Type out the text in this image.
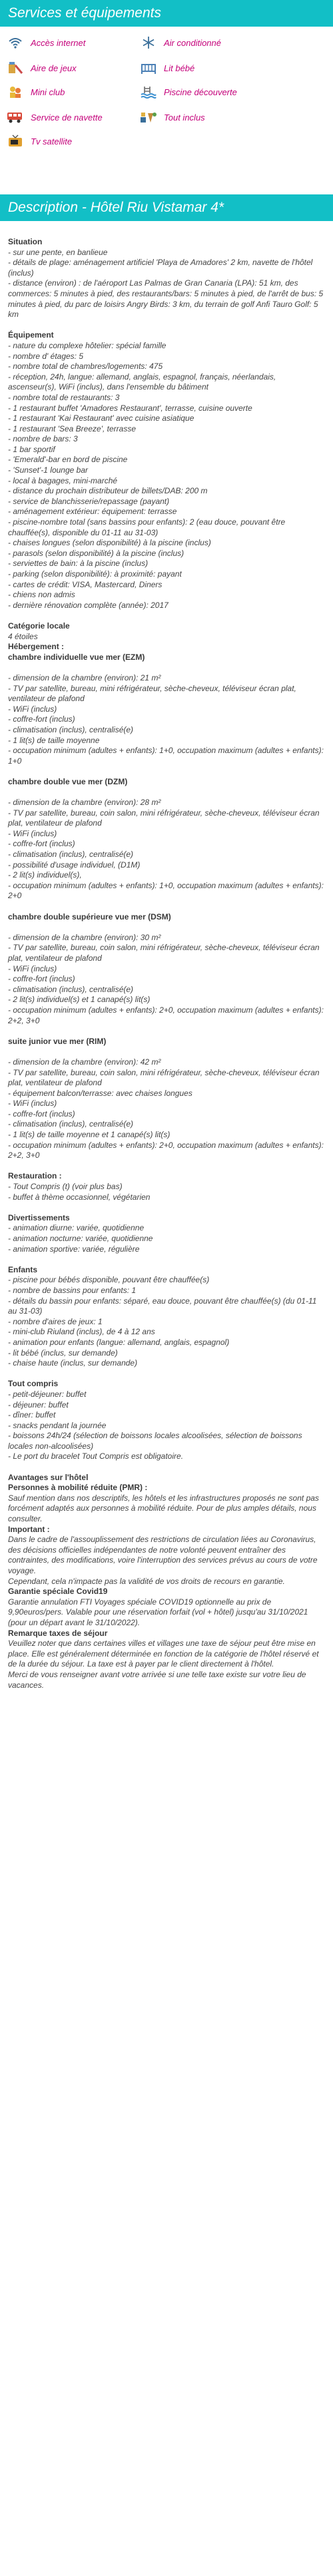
Services et équipements
Accès internet	Air conditionné
Aire de jeux	Lit bébé
Mini club	Piscine découverte
Service de navette	Tout inclus
Tv satellite
Description - Hôtel Riu Vistamar 4*

Situation

- sur une pente, en banlieue

- détails de plage: aménagement artificiel 'Playa de Amadores' 2 km, navette de l'hôtel (inclus)

- distance (environ) : de l'aéroport Las Palmas de Gran Canaria (LPA): 51 km, des commerces: 5 minutes à pied, des restaurants/bars: 5 minutes à pied, de l'arrêt de bus: 5 minutes à pied, du parc de loisirs Angry Birds: 3 km, du terrain de golf Anfi Tauro Golf: 5 km

Équipement

- nature du complexe hôtelier: spécial famille

- nombre d' étages: 5

- nombre total de chambres/logements: 475

- réception, 24h, langue: allemand, anglais, espagnol, français, néerlandais, ascenseur(s), WiFi (inclus), dans l'ensemble du bâtiment

- nombre total de restaurants: 3

- 1 restaurant buffet 'Amadores Restaurant', terrasse, cuisine ouverte

- 1 restaurant 'Kai Restaurant' avec cuisine asiatique

- 1 restaurant 'Sea Breeze', terrasse

- nombre de bars: 3

- 1 bar sportif

- 'Emerald'-bar en bord de piscine

- 'Sunset'-1 lounge bar

- local à bagages, mini-marché

- distance du prochain distributeur de billets/DAB: 200 m

- service de blanchisserie/repassage (payant)

- aménagement extérieur: équipement: terrasse

- piscine-nombre total (sans bassins pour enfants): 2 (eau douce, pouvant être chauffée(s), disponible du 01-11 au 31-03)

- chaises longues (selon disponibilité) à la piscine (inclus)

- parasols (selon disponibilité) à la piscine (inclus)

- serviettes de bain: à la piscine (inclus)

- parking (selon disponibilité): à proximité: payant

- cartes de crédit: VISA, Mastercard, Diners

- chiens non admis

- dernière rénovation complète (année): 2017

Catégorie locale

4 étoiles

Hébergement :

chambre individuelle vue mer (EZM)

- dimension de la chambre (environ): 21 m²

- TV par satellite, bureau, mini réfrigérateur, sèche-cheveux, téléviseur écran plat, ventilateur de plafond

- WiFi (inclus)

- coffre-fort (inclus)

- climatisation (inclus), centralisé(e)

- 1 lit(s) de taille moyenne

- occupation minimum (adultes + enfants): 1+0, occupation maximum (adultes + enfants): 1+0

chambre double vue mer (DZM)

- dimension de la chambre (environ): 28 m²

- TV par satellite, bureau, coin salon, mini réfrigérateur, sèche-cheveux, téléviseur écran plat, ventilateur de plafond

- WiFi (inclus)

- coffre-fort (inclus)

- climatisation (inclus), centralisé(e)

- possibilité d'usage individuel, (D1M)

- 2 lit(s) individuel(s),

- occupation minimum (adultes + enfants): 1+0, occupation maximum (adultes + enfants): 2+0

chambre double supérieure vue mer (DSM)

- dimension de la chambre (environ): 30 m²

- TV par satellite, bureau, coin salon, mini réfrigérateur, sèche-cheveux, téléviseur écran plat, ventilateur de plafond

- WiFi (inclus)

- coffre-fort (inclus)

- climatisation (inclus), centralisé(e)

- 2 lit(s) individuel(s) et 1 canapé(s) lit(s)

- occupation minimum (adultes + enfants): 2+0, occupation maximum (adultes + enfants): 2+2, 3+0

suite junior vue mer (RIM)

- dimension de la chambre (environ): 42 m²

- TV par satellite, bureau, coin salon, mini réfrigérateur, sèche-cheveux, téléviseur écran plat, ventilateur de plafond

- équipement balcon/terrasse: avec chaises longues

- WiFi (inclus)

- coffre-fort (inclus)

- climatisation (inclus), centralisé(e)

- 1 lit(s) de taille moyenne et 1 canapé(s) lit(s)

- occupation minimum (adultes + enfants): 2+0, occupation maximum (adultes + enfants): 2+2, 3+0

Restauration :

- Tout Compris (t) (voir plus bas)

- buffet à thème occasionnel, végétarien

Divertissements

- animation diurne: variée, quotidienne

- animation nocturne: variée, quotidienne

- animation sportive: variée, régulière

Enfants

- piscine pour bébés disponible, pouvant être chauffée(s)

- nombre de bassins pour enfants: 1

- détails du bassin pour enfants: séparé, eau douce, pouvant être chauffée(s) (du 01-11 au 31-03)

- nombre d'aires de jeux: 1

- mini-club Riuland (inclus), de 4 à 12 ans

- animation pour enfants (langue: allemand, anglais, espagnol)

- lit bébé (inclus, sur demande)

- chaise haute (inclus, sur demande)

Tout compris

- petit-déjeuner: buffet

- déjeuner: buffet

- dîner: buffet

- snacks pendant la journée

- boissons 24h/24 (sélection de boissons locales alcoolisées, sélection de boissons locales non-alcoolisées)

- Le port du bracelet Tout Compris est obligatoire.

Avantages sur l'hôtel

Personnes à mobilité réduite (PMR) :

Sauf mention dans nos descriptifs, les hôtels et les infrastructures proposés ne sont pas forcément adaptés aux personnes à mobilité réduite. Pour de plus amples détails, nous consulter.

Important :

Dans le cadre de l'assouplissement des restrictions de circulation liées au Coronavirus, des décisions officielles indépendantes de notre volonté peuvent entraîner des contraintes, des modifications, voire l'interruption des services prévus au cours de votre voyage.

Cependant, cela n'impacte pas la validité de vos droits de recours en garantie.

Garantie spéciale Covid19

Garantie annulation FTI Voyages spéciale COVID19 optionnelle au prix de 9,90euros/pers. Valable pour une réservation forfait (vol + hôtel) jusqu'au 31/10/2021 (pour un départ avant le 31/10/2022).

Remarque taxes de séjour

Veuillez noter que dans certaines villes et villages une taxe de séjour peut être mise en place. Elle est généralement déterminée en fonction de la catégorie de l'hôtel réservé et de la durée du séjour. La taxe est à payer par le client directement à l'hôtel.

Merci de vous renseigner avant votre arrivée si une telle taxe existe sur votre lieu de vacances.
